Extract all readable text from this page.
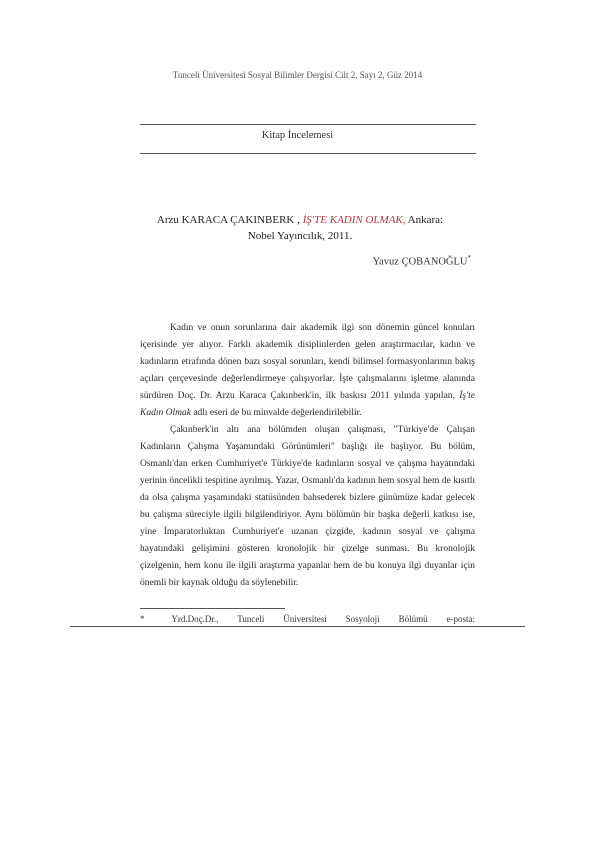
Tunceli Üniversitesi Sosyal Bilimler Dergisi Cilt 2, Sayı 2, Güz 2014
Kitap İncelemesi
Arzu KARACA ÇAKINBERK , İŞ'TE KADIN OLMAK, Ankara:
Nobel Yayıncılık, 2011.
Yavuz ÇOBANOĞLU*

Kadın ve onun sorunlarına dair akademik ilgi son dönemin güncel konuları içerisinde yer alıyor. Farklı akademik disiplinlerden gelen araştırmacılar, kadın ve kadınların etrafında dönen bazı sosyal sorunları, kendi bilimsel formasyonlarının bakış açıları çerçevesinde değerlendirmeye çalışıyorlar. İşte çalışmalarını işletme alanında sürdüren Doç. Dr. Arzu Karaca Çakınberk'in, ilk baskısı 2011 yılında yapılan, İş'te Kadın Olmak adlı eseri de bu minvalde değerlendirilebilir.

Çakınberk'in altı ana bölümden oluşan çalışması, "Türkiye'de Çalışan Kadınların Çalışma Yaşamındaki Görünümleri" başlığı ile başlıyor. Bu bölüm, Osmanlı'dan erken Cumhuriyet'e Türkiye'de kadınların sosyal ve çalışma hayatındaki yerinin öncelikli tespitine ayrılmış. Yazar, Osmanlı'da kadının hem sosyal hem de kısıtlı da olsa çalışma yaşamındaki statüsünden bahsederek bizlere günümüze kadar gelecek bu çalışma süreciyle ilgili bilgilendiriyor. Aynı bölümün bir başka değerli katkısı ise, yine İmparatorluktan Cumhuriyet'e uzanan çizgide, kadının sosyal ve çalışma hayatındaki gelişimini gösteren kronolojik bir çizelge sunması. Bu kronolojik çizelgenin, hem konu ile ilgili araştırma yapanlar hem de bu konuya ilgi duyanlar için önemli bir kaynak olduğu da söylenebilir.

*	Yrd.Doç.Dr., Tunceli Üniversitesi Sosyoloji Bölümü e-posta:
